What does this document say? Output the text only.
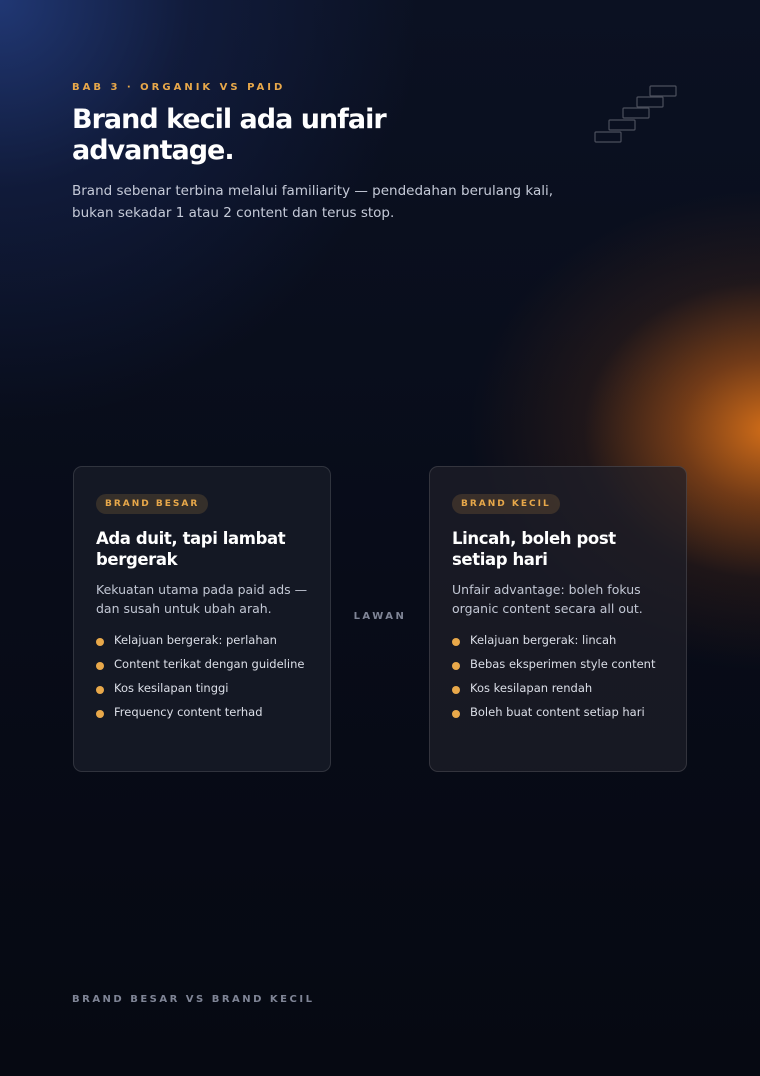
BAB 3 · ORGANIK VS PAID
Brand kecil ada unfair advantage.
Brand sebenar terbina melalui familiarity — pendedahan berulang kali, bukan sekadar 1 atau 2 content dan terus stop.
BRAND BESAR
Ada duit, tapi lambat bergerak
Kekuatan utama pada paid ads — dan susah untuk ubah arah.
Kelajuan bergerak: perlahan
Content terikat dengan guideline
Kos kesilapan tinggi
Frequency content terhad
LAWAN
BRAND KECIL
Lincah, boleh post setiap hari
Unfair advantage: boleh fokus organic content secara all out.
Kelajuan bergerak: lincah
Bebas eksperimen style content
Kos kesilapan rendah
Boleh buat content setiap hari
BRAND BESAR VS BRAND KECIL
